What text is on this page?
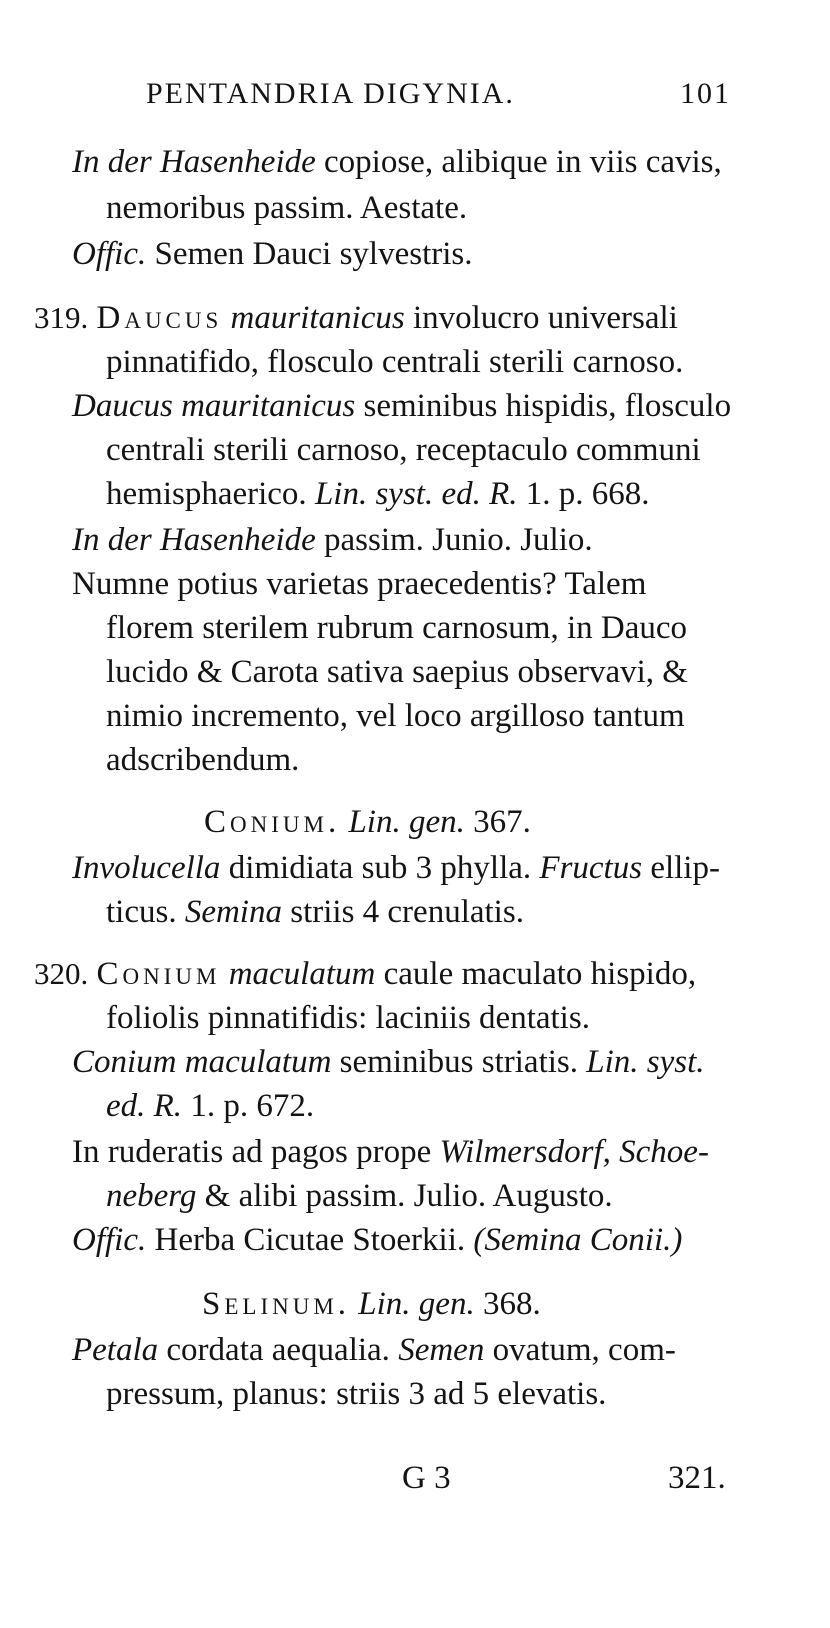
PENTANDRIA DIGYNIA.	101
In der Hasenheide copiose, alibique in viis cavis,
nemoribus passim. Aestate.
Offic. Semen Dauci sylvestris.
319. Daucus mauritanicus involucro universali
pinnatifido, flosculo centrali sterili carnoso.
Daucus mauritanicus seminibus hispidis, flosculo
centrali sterili carnoso, receptaculo communi
hemisphaerico. Lin. syst. ed. R. 1. p. 668.
In der Hasenheide passim. Junio. Julio.
Numne potius varietas praecedentis? Talem
florem sterilem rubrum carnosum, in Dauco
lucido & Carota sativa saepius observavi, &
nimio incremento, vel loco argilloso tantum
adscribendum.
Conium. Lin. gen. 367.
Involucella dimidiata sub 3 phylla. Fructus ellip-
ticus. Semina striis 4 crenulatis.
320. Conium maculatum caule maculato hispido,
foliolis pinnatifidis: laciniis dentatis.
Conium maculatum seminibus striatis. Lin. syst.
ed. R. 1. p. 672.
In ruderatis ad pagos prope Wilmersdorf, Schoe-
neberg & alibi passim. Julio. Augusto.
Offic. Herba Cicutae Stoerkii. (Semina Conii.)
Selinum. Lin. gen. 368.
Petala cordata aequalia. Semen ovatum, com-
pressum, planus: striis 3 ad 5 elevatis.
G 3	321.
